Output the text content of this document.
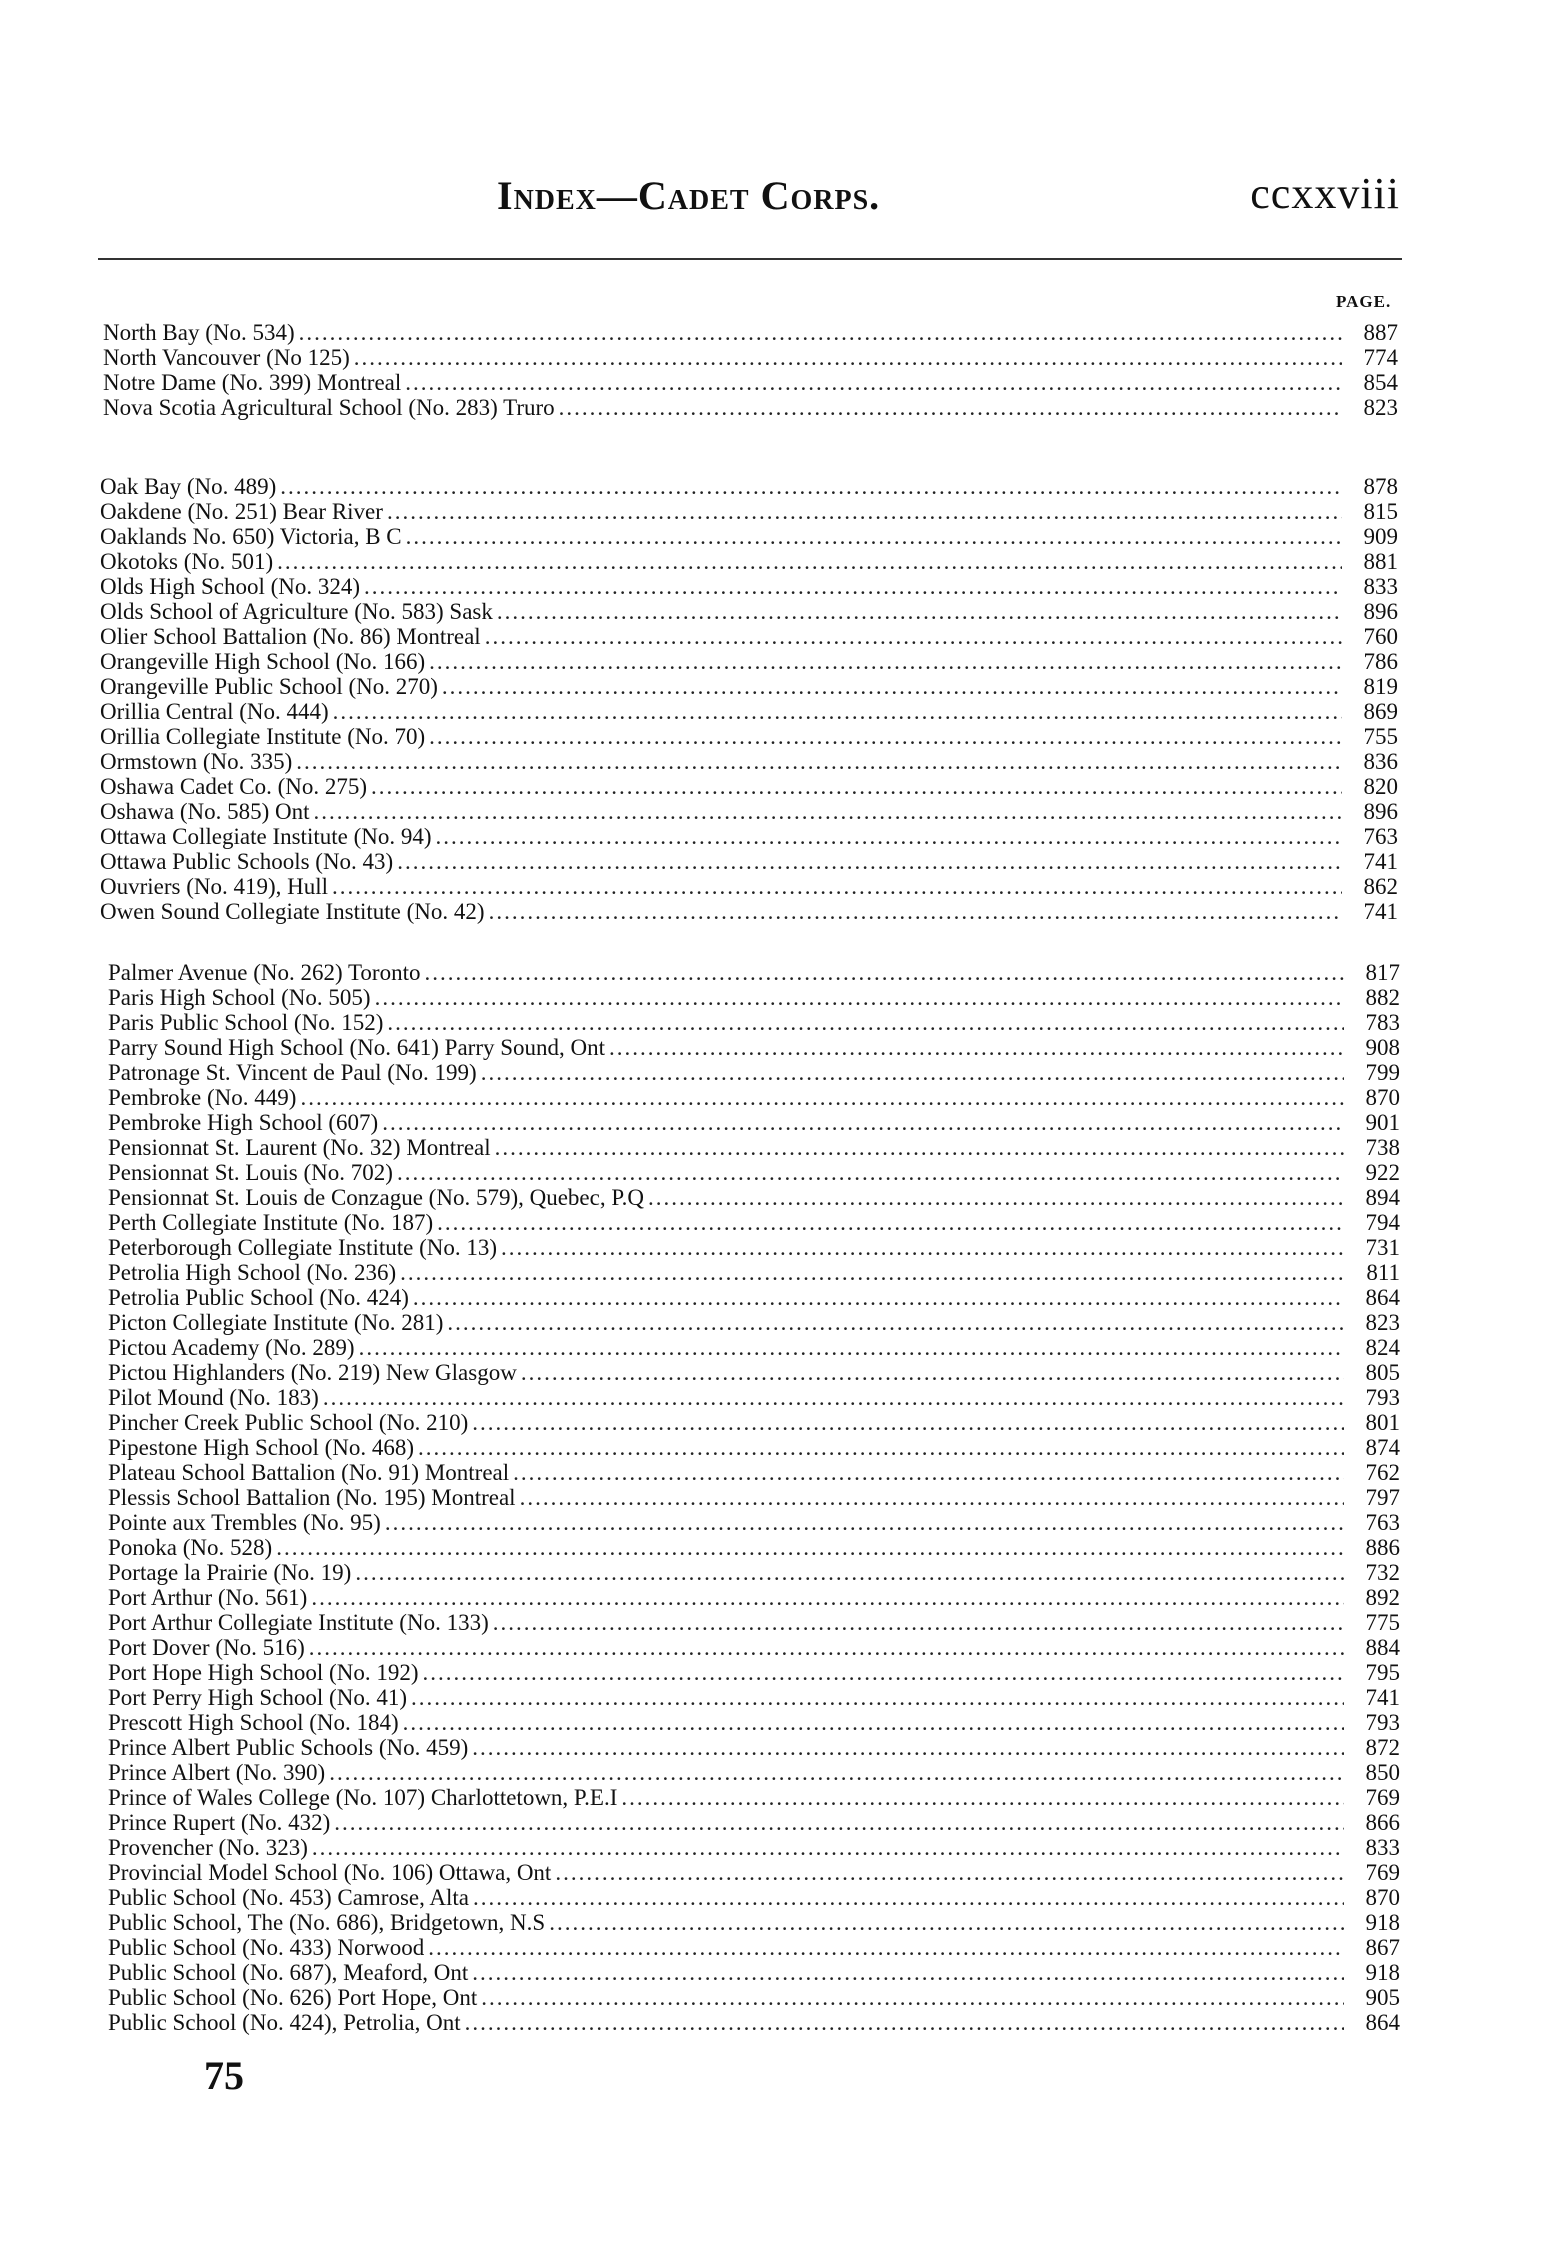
Index—Cadet Corps.	ccxxviii
PAGE.
North Bay (No. 534) .....	887
North Vancouver (No 125) .....	774
Notre Dame (No. 399) Montreal .....	854
Nova Scotia Agricultural School (No. 283) Truro .....	823
Oak Bay (No. 489) .....	878
Oakdene (No. 251) Bear River .....	815
Oaklands No. 650) Victoria, B C .....	909
Okotoks (No. 501) .....	881
Olds High School (No. 324) .....	833
Olds School of Agriculture (No. 583) Sask .....	896
Olier School Battalion (No. 86) Montreal .....	760
Orangeville High School (No. 166) .....	786
Orangeville Public School (No. 270) .....	819
Orillia Central (No. 444) .....	869
Orillia Collegiate Institute (No. 70) .....	755
Ormstown (No. 335) .....	836
Oshawa Cadet Co. (No. 275) .....	820
Oshawa (No. 585) Ont .....	896
Ottawa Collegiate Institute (No. 94) .....	763
Ottawa Public Schools (No. 43) .....	741
Ouvriers (No. 419), Hull .....	862
Owen Sound Collegiate Institute (No. 42) .....	741
Palmer Avenue (No. 262) Toronto .....	817
Paris High School (No. 505) .....	882
Paris Public School (No. 152) .....	783
Parry Sound High School (No. 641) Parry Sound, Ont .....	908
Patronage St. Vincent de Paul (No. 199) .....	799
Pembroke (No. 449) .....	870
Pembroke High School (607) .....	901
Pensionnat St. Laurent (No. 32) Montreal .....	738
Pensionnat St. Louis (No. 702) .....	922
Pensionnat St. Louis de Conzague (No. 579), Quebec, P.Q .....	894
Perth Collegiate Institute (No. 187) .....	794
Peterborough Collegiate Institute (No. 13) .....	731
Petrolia High School (No. 236) .....	811
Petrolia Public School (No. 424) .....	864
Picton Collegiate Institute (No. 281) .....	823
Pictou Academy (No. 289) .....	824
Pictou Highlanders (No. 219) New Glasgow .....	805
Pilot Mound (No. 183) .....	793
Pincher Creek Public School (No. 210) .....	801
Pipestone High School (No. 468) .....	874
Plateau School Battalion (No. 91) Montreal .....	762
Plessis School Battalion (No. 195) Montreal .....	797
Pointe aux Trembles (No. 95) .....	763
Ponoka (No. 528) .....	886
Portage la Prairie (No. 19) .....	732
Port Arthur (No. 561) .....	892
Port Arthur Collegiate Institute (No. 133) .....	775
Port Dover (No. 516) .....	884
Port Hope High School (No. 192) .....	795
Port Perry High School (No. 41) .....	741
Prescott High School (No. 184) .....	793
Prince Albert Public Schools (No. 459) .....	872
Prince Albert (No. 390) .....	850
Prince of Wales College (No. 107) Charlottetown, P.E.I .....	769
Prince Rupert (No. 432) .....	866
Provencher (No. 323) .....	833
Provincial Model School (No. 106) Ottawa, Ont .....	769
Public School (No. 453) Camrose, Alta .....	870
Public School, The (No. 686), Bridgetown, N.S .....	918
Public School (No. 433) Norwood .....	867
Public School (No. 687), Meaford, Ont .....	918
Public School (No. 626) Port Hope, Ont .....	905
Public School (No. 424), Petrolia, Ont .....	864
75
